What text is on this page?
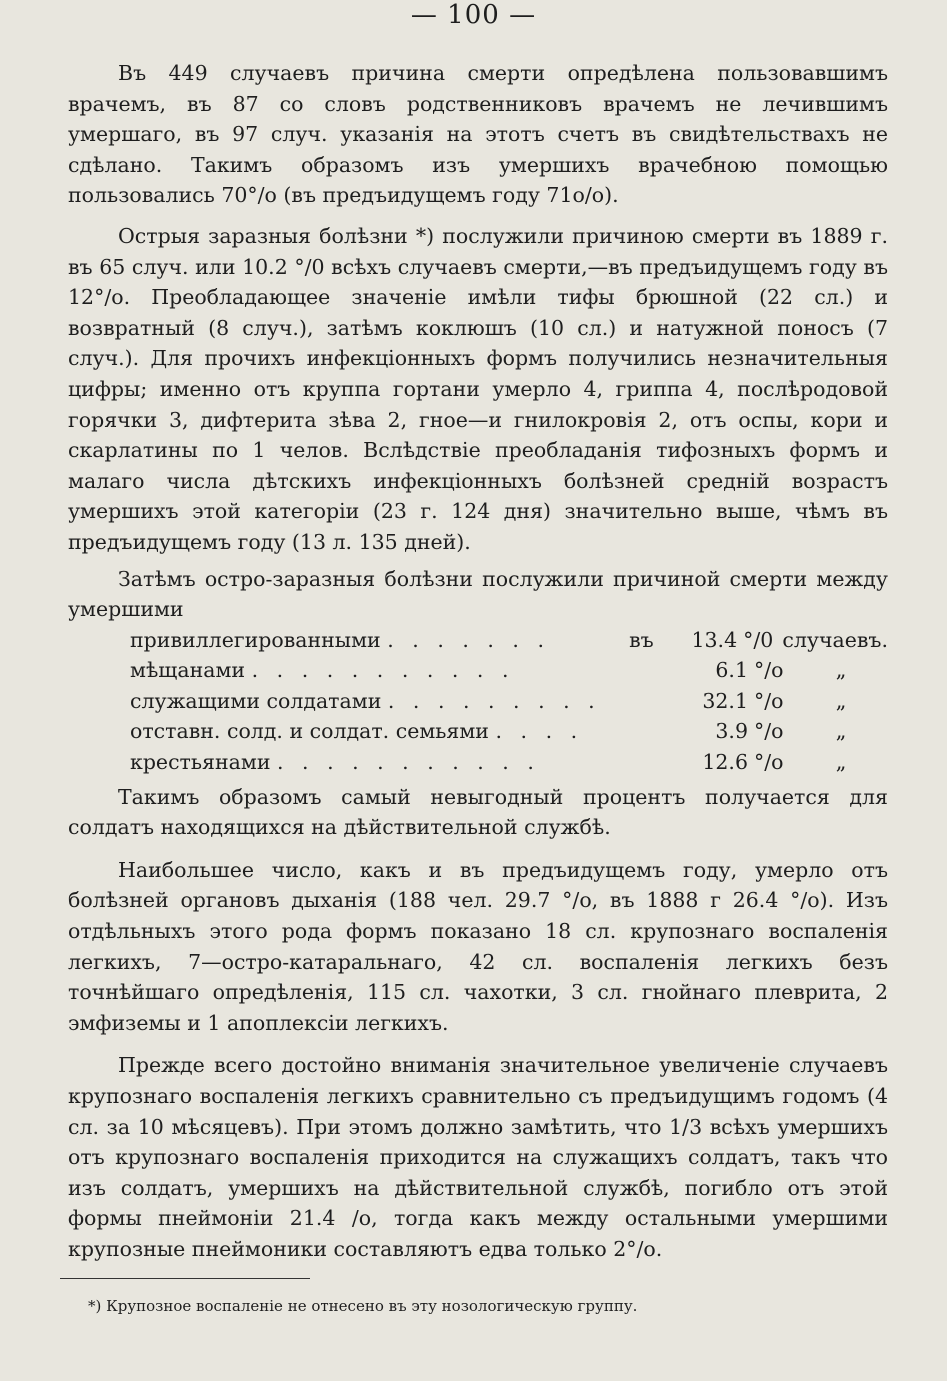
— 100 —

Въ 449 случаевъ причина смерти опредѣлена пользовавшимъ врачемъ, въ 87 со словъ родственниковъ врачемъ не лечившимъ умершаго, въ 97 случ. указанія на этотъ счетъ въ свидѣтельствахъ не сдѣлано. Такимъ образомъ изъ умершихъ врачебною помощью пользовались 70°/о (въ предъидущемъ году 71о/о).

Острыя заразныя болѣзни *) послужили причиною смерти въ 1889 г. въ 65 случ. или 10.2 °/0 всѣхъ случаевъ смерти,—въ предъидущемъ году въ 12°/о. Преобладающее значеніе имѣли тифы брюшной (22 сл.) и возвратный (8 случ.), затѣмъ коклюшъ (10 сл.) и натужной поносъ (7 случ.). Для прочихъ инфекціонныхъ формъ получились незначительныя цифры; именно отъ круппа гортани умерло 4, гриппа 4, послѣродовой горячки 3, дифтерита зѣва 2, гное—и гнилокровія 2, отъ оспы, кори и скарлатины по 1 челов. Вслѣдствіе преобладанія тифозныхъ формъ и малаго числа дѣтскихъ инфекціонныхъ болѣзней средній возрастъ умершихъ этой категоріи (23 г. 124 дня) значительно выше, чѣмъ въ предъидущемъ году (13 л. 135 дней).

Затѣмъ остро-заразныя болѣзни послужили причиной смерти между умершими

привиллегированными . . . . . . .	въ	13.4 °/0 случаевъ.
мѣщанами . . . . . . . . . . .	6.1 °/о	„
служащими солдатами . . . . . . . . .	32.1 °/о	„
отставн. солд. и солдат. семьями . . . .	3.9 °/о	„
крестьянами . . . . . . . . . . .	12.6 °/о	„

Такимъ образомъ самый невыгодный процентъ получается для солдатъ находящихся на дѣйствительной службѣ.

Наибольшее число, какъ и въ предъидущемъ году, умерло отъ болѣзней органовъ дыханія (188 чел. 29.7 °/о, въ 1888 г 26.4 °/о). Изъ отдѣльныхъ этого рода формъ показано 18 сл. крупознаго воспаленія легкихъ, 7—остро-катаральнаго, 42 сл. воспаленія легкихъ безъ точнѣйшаго опредѣленія, 115 сл. чахотки, 3 сл. гнойнаго плеврита, 2 эмфиземы и 1 апоплексіи легкихъ.

Прежде всего достойно вниманія значительное увеличеніе случаевъ крупознаго воспаленія легкихъ сравнительно съ предъидущимъ годомъ (4 сл. за 10 мѣсяцевъ). При этомъ должно замѣтить, что 1/3 всѣхъ умершихъ отъ крупознаго воспаленія приходится на служащихъ солдатъ, такъ что изъ солдатъ, умершихъ на дѣйствительной службѣ, погибло отъ этой формы пнеймоніи 21.4 /о, тогда какъ между остальными умершими крупозные пнеймоники составляютъ едва только 2°/о.

*) Крупозное воспаленіе не отнесено въ эту нозологическую группу.
